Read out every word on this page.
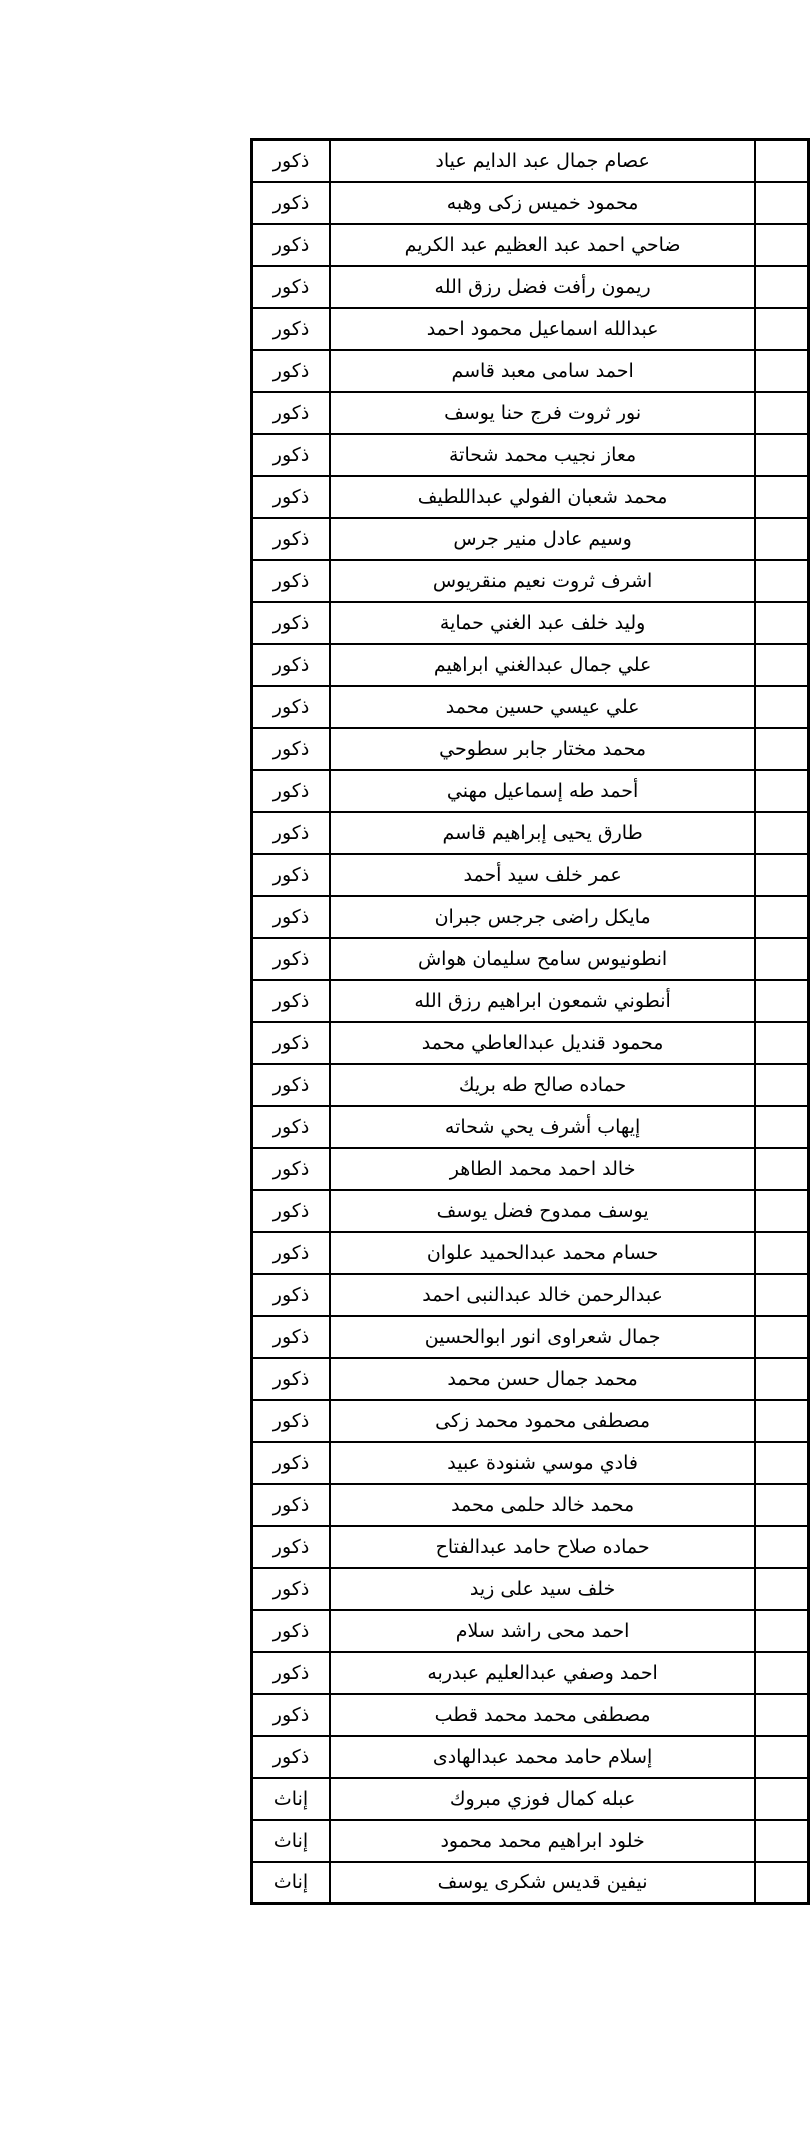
ذكور	عصام جمال عبد الدايم عياد	
ذكور	محمود خميس زكى وهبه	
ذكور	ضاحي احمد عبد العظيم عبد الكريم	
ذكور	ريمون رأفت فضل رزق الله	
ذكور	عبدالله اسماعيل محمود احمد	
ذكور	احمد سامى معبد قاسم	
ذكور	نور ثروت فرج حنا يوسف	
ذكور	معاز نجيب محمد شحاتة	
ذكور	محمد شعبان الفولي عبداللطيف	
ذكور	وسيم عادل منير جرس	
ذكور	اشرف ثروت نعيم منقريوس	
ذكور	وليد خلف عبد الغني حماية	
ذكور	علي جمال عبدالغني ابراهيم	
ذكور	علي عيسي حسين محمد	
ذكور	محمد مختار جابر سطوحي	
ذكور	أحمد طه إسماعيل مهني	
ذكور	طارق يحيى إبراهيم قاسم	
ذكور	عمر خلف سيد أحمد	
ذكور	مايكل راضى جرجس جبران	
ذكور	انطونيوس سامح سليمان هواش	
ذكور	أنطوني شمعون ابراهيم رزق الله	
ذكور	محمود قنديل عبدالعاطي محمد	
ذكور	حماده صالح طه بريك	
ذكور	إيهاب أشرف يحي شحاته	
ذكور	خالد احمد محمد الطاهر	
ذكور	يوسف ممدوح فضل يوسف	
ذكور	حسام محمد عبدالحميد علوان	
ذكور	عبدالرحمن خالد عبدالنبى احمد	
ذكور	جمال شعراوى انور ابوالحسين	
ذكور	محمد جمال حسن محمد	
ذكور	مصطفى محمود محمد زكى	
ذكور	فادي موسي شنودة عبيد	
ذكور	محمد خالد حلمى محمد	
ذكور	حماده صلاح حامد عبدالفتاح	
ذكور	خلف سيد على زيد	
ذكور	احمد محى راشد سلام	
ذكور	احمد وصفي عبدالعليم عبدربه	
ذكور	مصطفى محمد محمد قطب	
ذكور	إسلام حامد محمد عبدالهادى	
إناث	عبله كمال فوزي مبروك	
إناث	خلود ابراهيم محمد محمود	
إناث	نيفين قديس شكرى يوسف	
